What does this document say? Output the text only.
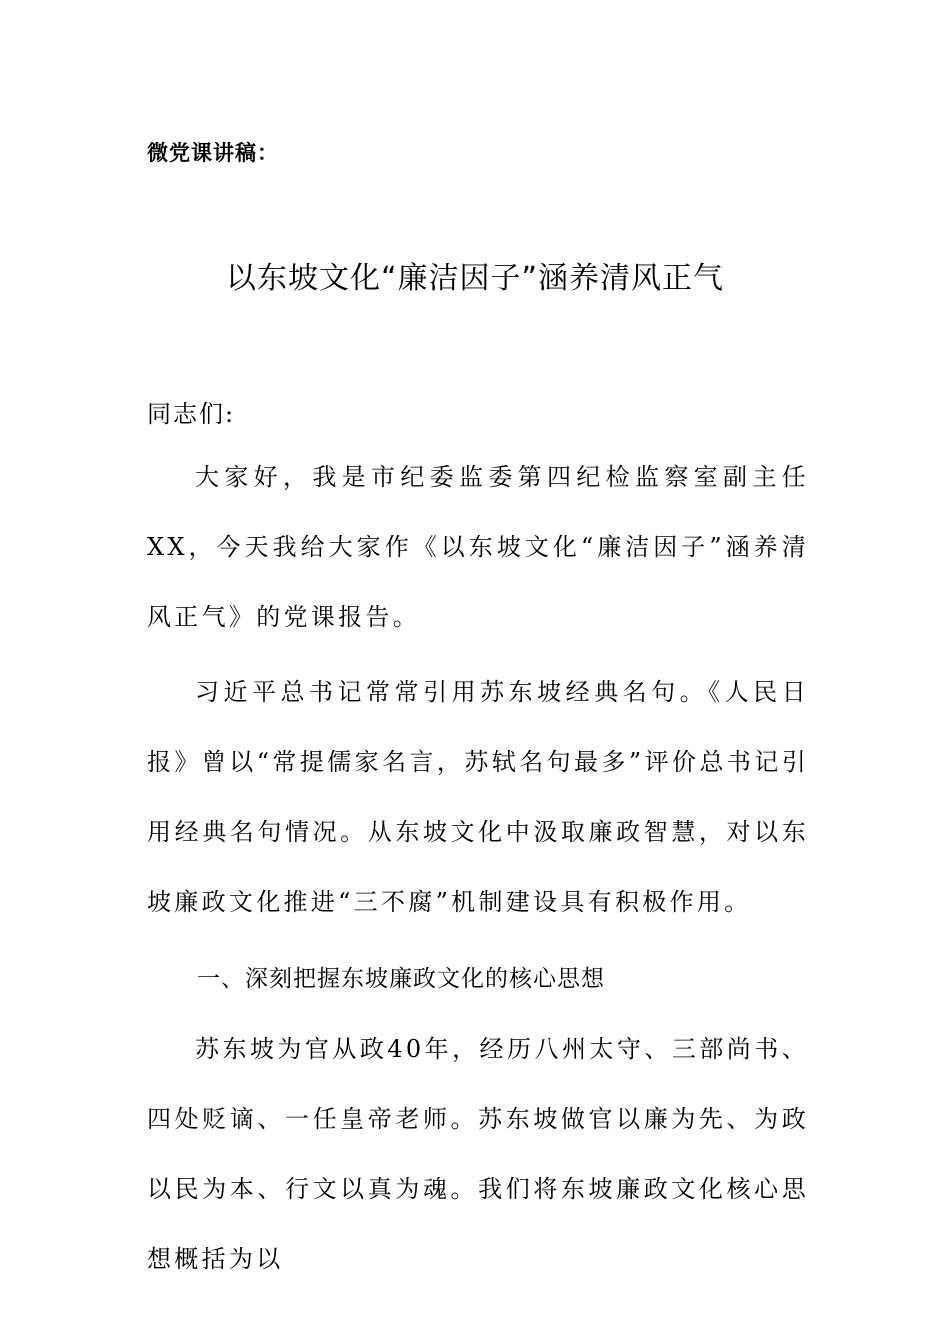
微党课讲稿：
以东坡文化“廉洁因子”涵养清风正气
同志们:
大家好，我是市纪委监委第四纪检监察室副主任XX，今天我给大家作《以东坡文化“廉洁因子”涵养清风正气》的党课报告。
习近平总书记常常引用苏东坡经典名句。《人民日报》曾以“常提儒家名言，苏轼名句最多”评价总书记引用经典名句情况。从东坡文化中汲取廉政智慧，对以东坡廉政文化推进“三不腐”机制建设具有积极作用。
一、深刻把握东坡廉政文化的核心思想
苏东坡为官从政40年，经历八州太守、三部尚书、四处贬谪、一任皇帝老师。苏东坡做官以廉为先、为政以民为本、行文以真为魂。我们将东坡廉政文化核心思想概括为以
